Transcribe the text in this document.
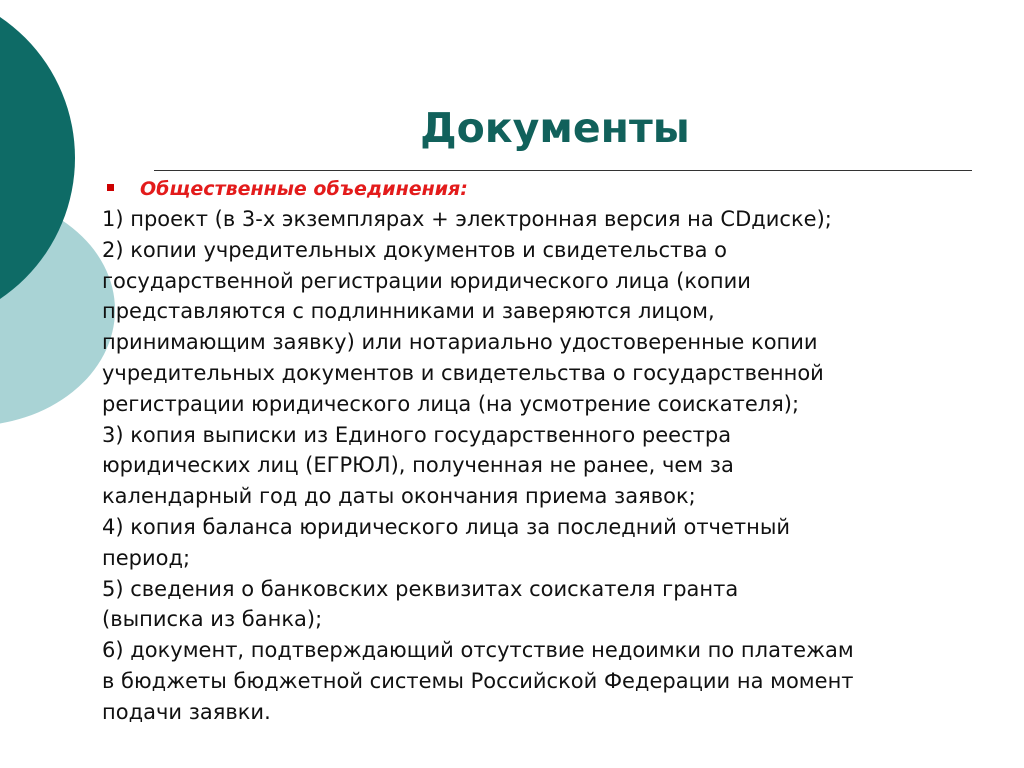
Документы
Общественные объединения:
1) проект (в 3-х экземплярах + электронная версия на CDдиске);
2) копии учредительных документов и свидетельства о
государственной регистрации юридического лица (копии
представляются с подлинниками и заверяются лицом,
принимающим заявку) или нотариально удостоверенные копии
учредительных документов и свидетельства о государственной
регистрации юридического лица (на усмотрение соискателя);
3) копия выписки из Единого государственного реестра
юридических лиц (ЕГРЮЛ), полученная не ранее, чем за
календарный год до даты окончания приема заявок;
4) копия баланса юридического лица за последний отчетный
период;
5) сведения о банковских реквизитах соискателя гранта
(выписка из банка);
6) документ, подтверждающий отсутствие недоимки по платежам
в бюджеты бюджетной системы Российской Федерации на момент
подачи заявки.
